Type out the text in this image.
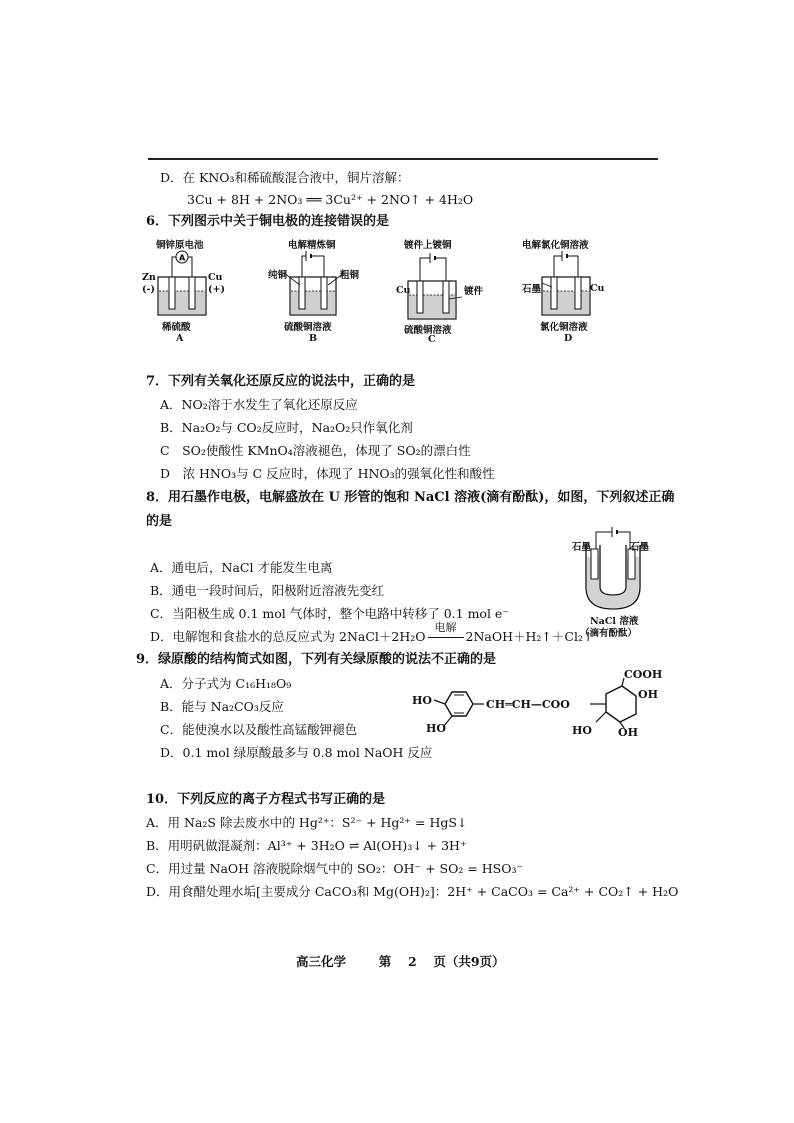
D．在 KNO₃和稀硫酸混合液中，铜片溶解：
3Cu + 8H + 2NO₃ ══ 3Cu²⁺ + 2NO↑ + 4H₂O
6．下列图示中关于铜电极的连接错误的是
铜锌原电池
A
Zn
(-)
Cu
(+)
稀硫酸
A
电解精炼铜
纯铜	粗铜
硫酸铜溶液
B
镀件上镀铜
Cu	镀件
硫酸铜溶液
C
电解氯化铜溶液
石墨	Cu
氯化铜溶液
D
7．下列有关氧化还原反应的说法中，正确的是
A．NO₂溶于水发生了氧化还原反应
B．Na₂O₂与 CO₂反应时，Na₂O₂只作氧化剂
C　SO₂使酸性 KMnO₄溶液褪色，体现了 SO₂的漂白性
D　浓 HNO₃与 C 反应时，体现了 HNO₃的强氧化性和酸性
8．用石墨作电极，电解盛放在 U 形管的饱和 NaCl 溶液(滴有酚酞)，如图，下列叙述正确
的是
A．通电后，NaCl 才能发生电离
B．通电一段时间后，阳极附近溶液先变红
C．当阳极生成 0.1 mol 气体时，整个电路中转移了 0.1 mol e⁻
D．电解饱和食盐水的总反应式为 2NaCl＋2H₂O
电解
2NaOH＋H₂↑＋Cl₂↑
石墨	石墨
NaCl 溶液
（滴有酚酞）
9．绿原酸的结构简式如图，下列有关绿原酸的说法不正确的是
A．分子式为 C₁₆H₁₈O₉
B．能与 Na₂CO₃反应
C．能使溴水以及酸性高锰酸钾褪色
D．0.1 mol 绿原酸最多与 0.8 mol NaOH 反应
HO
HO
CH═CH—COO
COOH
OH
HO OH
10．下列反应的离子方程式书写正确的是
A．用 Na₂S 除去废水中的 Hg²⁺：S²⁻ + Hg²⁺ = HgS↓
B．用明矾做混凝剂：Al³⁺ + 3H₂O ⇌ Al(OH)₃↓ + 3H⁺
C．用过量 NaOH 溶液脱除烟气中的 SO₂：OH⁻ + SO₂ = HSO₃⁻
D．用食醋处理水垢[主要成分 CaCO₃和 Mg(OH)₂]：2H⁺ + CaCO₃ = Ca²⁺ + CO₂↑ + H₂O
高三化学	第 2 页（共9页）
